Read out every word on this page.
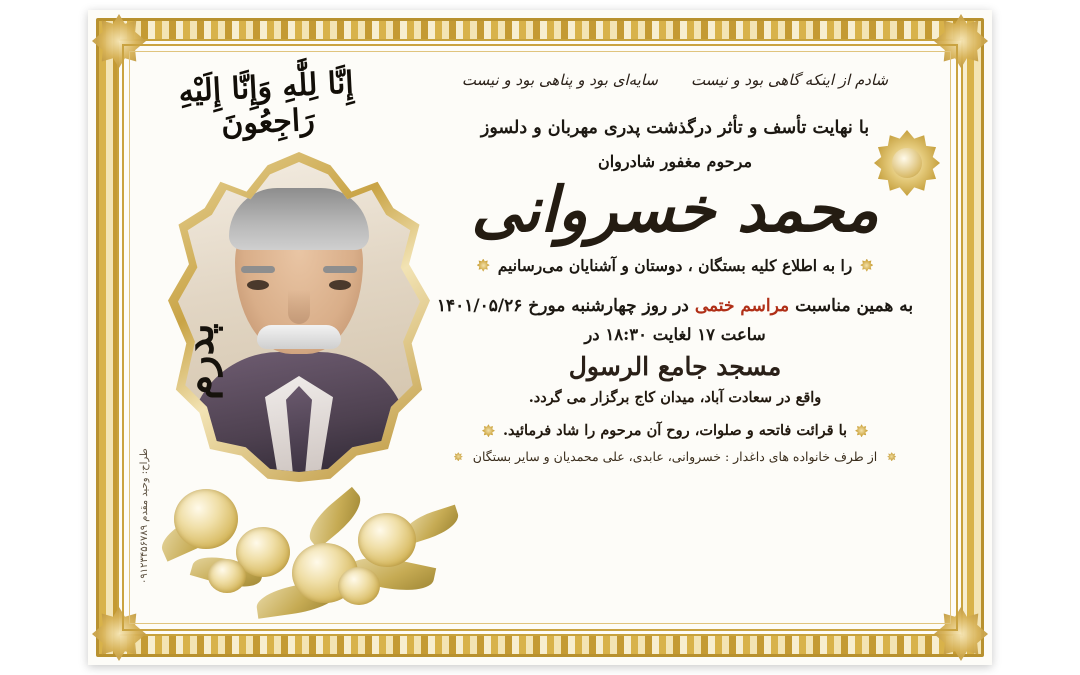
إِنَّا لِلَّٰهِ وَإِنَّا إِلَيْهِ رَاجِعُونَ
پدرم
طراح: وحید مقدم ۰۹۱۲۳۴۵۶۷۸۹
شادم از اینکه گاهی بود و نیست سایه‌ای بود و پناهی بود و نیست
با نهایت تأسف و تأثر درگذشت پدری مهربان و دلسوز
مرحوم مغفور شادروان
محمد خسروانی
را به اطلاع کلیه بستگان ، دوستان و آشنایان می‌رسانیم
به همین مناسبت مراسم ختمی در روز چهارشنبه مورخ ۱۴۰۱/۰۵/۲۶
ساعت ۱۷ لغایت ۱۸:۳۰ در
مسجد جامع الرسول
واقع در سعادت آباد، میدان کاج برگزار می گردد.
با قرائت فاتحه و صلوات، روح آن مرحوم را شاد فرمائید.
از طرف خانواده های داغدار : خسروانی، عابدی، علی محمدیان و سایر بستگان
